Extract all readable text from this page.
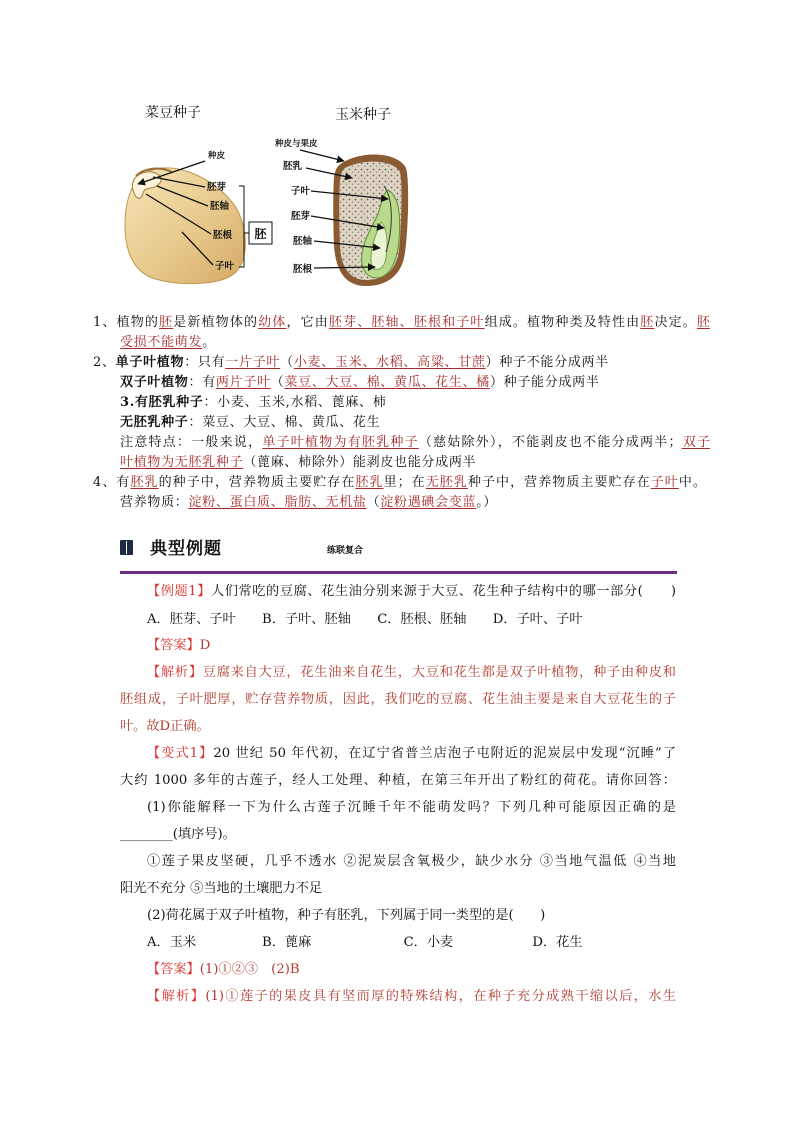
菜豆种子	玉米种子
种皮
胚芽
胚轴
胚根
子叶
胚
种皮与果皮
胚乳
子叶
胚芽
胚轴
胚根
1、植物的胚是新植物体的幼体，它由胚芽、胚轴、胚根和子叶组成。植物种类及特性由胚决定。胚
受损不能萌发。
2、单子叶植物：只有一片子叶（小麦、玉米、水稻、高粱、甘蔗）种子不能分成两半
双子叶植物：有两片子叶（菜豆、大豆、棉、黄瓜、花生、橘）种子能分成两半
3.有胚乳种子：小麦、玉米,水稻、蓖麻、柿
无胚乳种子：菜豆、大豆、棉、黄瓜、花生
注意特点：一般来说，单子叶植物为有胚乳种子（慈姑除外），不能剥皮也不能分成两半；双子
叶植物为无胚乳种子（蓖麻、柿除外）能剥皮也能分成两半
4、有胚乳的种子中，营养物质主要贮存在胚乳里；在无胚乳种子中，营养物质主要贮存在子叶中。
营养物质：淀粉、蛋白质、脂肪、无机盐（淀粉遇碘会变蓝。）
典型例题	练联复合
【例题1】人们常吃的豆腐、花生油分别来源于大豆、花生种子结构中的哪一部分(　　)
A．胚芽、子叶　　B．子叶、胚轴　　C．胚根、胚轴　　D．子叶、子叶
【答案】D
【解析】豆腐来自大豆，花生油来自花生，大豆和花生都是双子叶植物，种子由种皮和
胚组成，子叶肥厚，贮存营养物质，因此，我们吃的豆腐、花生油主要是来自大豆花生的子
叶。故D正确。
【变式1】20 世纪 50 年代初，在辽宁省普兰店泡子屯附近的泥炭层中发现“沉睡”了
大约 1000 多年的古莲子，经人工处理、种植，在第三年开出了粉红的荷花。请你回答：
(1)你能解释一下为什么古莲子沉睡千年不能萌发吗？下列几种可能原因正确的是
________(填序号)。
①莲子果皮坚硬，几乎不透水 ②泥炭层含氧极少，缺少水分 ③当地气温低 ④当地
阳光不充分 ⑤当地的土壤肥力不足
(2)荷花属于双子叶植物，种子有胚乳，下列属于同一类型的是(　　)
A．玉米　　　　　B．蓖麻　　　　　　　C．小麦　　　　　　D．花生
【答案】(1)①②③　(2)B
【解析】(1)①莲子的果皮具有坚而厚的特殊结构，在种子充分成熟干缩以后，水生
